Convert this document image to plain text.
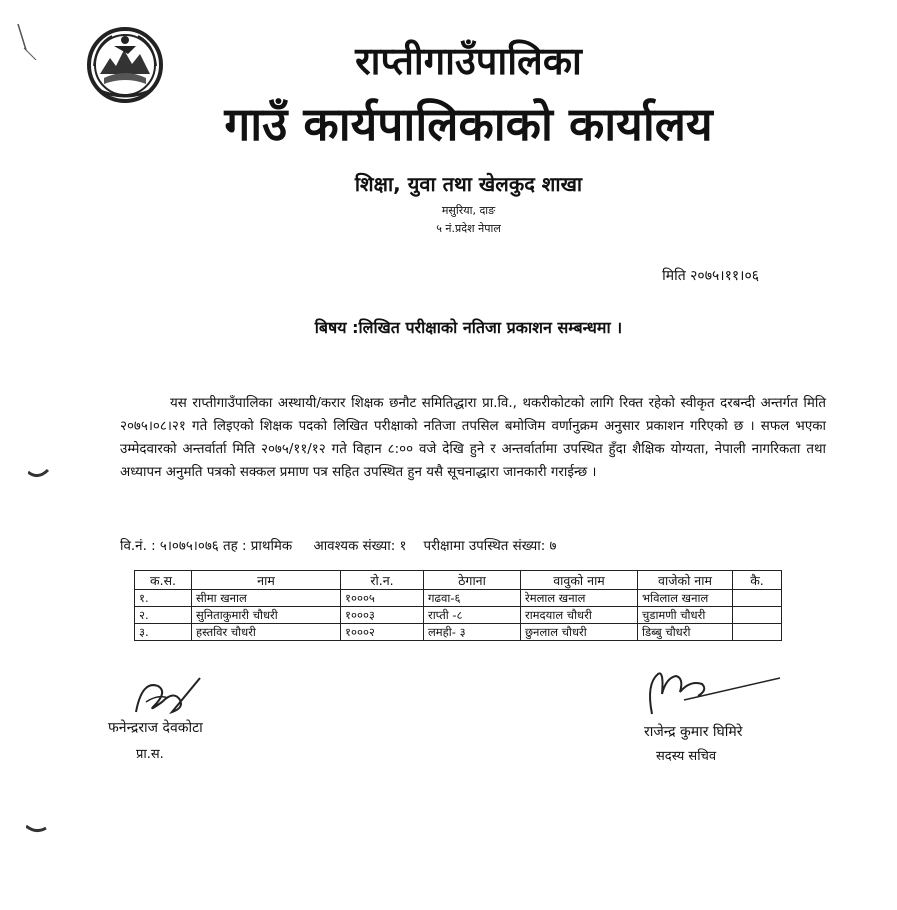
राप्तीगाउँपालिका
गाउँ कार्यपालिकाको कार्यालय
शिक्षा, युवा तथा खेलकुद शाखा
मसुरिया, दाङ
५ नं.प्रदेश नेपाल
मिति २०७५।११।०६
बिषय :लिखित परीक्षाको नतिजा प्रकाशन सम्बन्धमा ।
यस राप्तीगाउँपालिका अस्थायी/करार शिक्षक छनौट समितिद्धारा प्रा.वि., थकरीकोटको लागि रिक्त रहेको स्वीकृत दरबन्दी अन्तर्गत मिति २०७५।०८।२१ गते लिइएको शिक्षक पदको लिखित परीक्षाको नतिजा तपसिल बमोजिम वर्णानुक्रम अनुसार प्रकाशन गरिएको छ । सफल भएका उम्मेदवारको अन्तर्वार्ता मिति २०७५/११/१२ गते विहान ८:०० वजे देखि हुने र अन्तर्वार्तामा उपस्थित हुँदा शैक्षिक योग्यता, नेपाली नागरिकता तथा अध्यापन अनुमति पत्रको सक्कल प्रमाण पत्र सहित उपस्थित हुन यसै सूचनाद्धारा जानकारी गराईन्छ ।
वि.नं. : ५।०७५।०७६ तह : प्राथमिक     आवश्यक संख्या: १    परीक्षामा उपस्थित संख्या: ७
क.स.	नाम	रो.न.	ठेगाना	वावुको नाम	वाजेको नाम	कै.
१.	सीमा खनाल	१०००५	गढवा-६	रेमलाल खनाल	भविलाल खनाल	
२.	सुनिताकुमारी चौधरी	१०००३	राप्ती -८	रामदयाल चौधरी	चुडामणी चौधरी	
३.	हस्तविर चौधरी	१०००२	लमही- ३	छुनलाल चौधरी	डिब्बु चौधरी	
फनेन्द्रराज देवकोटा
प्रा.स.
राजेन्द्र कुमार घिमिरे
सदस्य सचिव
